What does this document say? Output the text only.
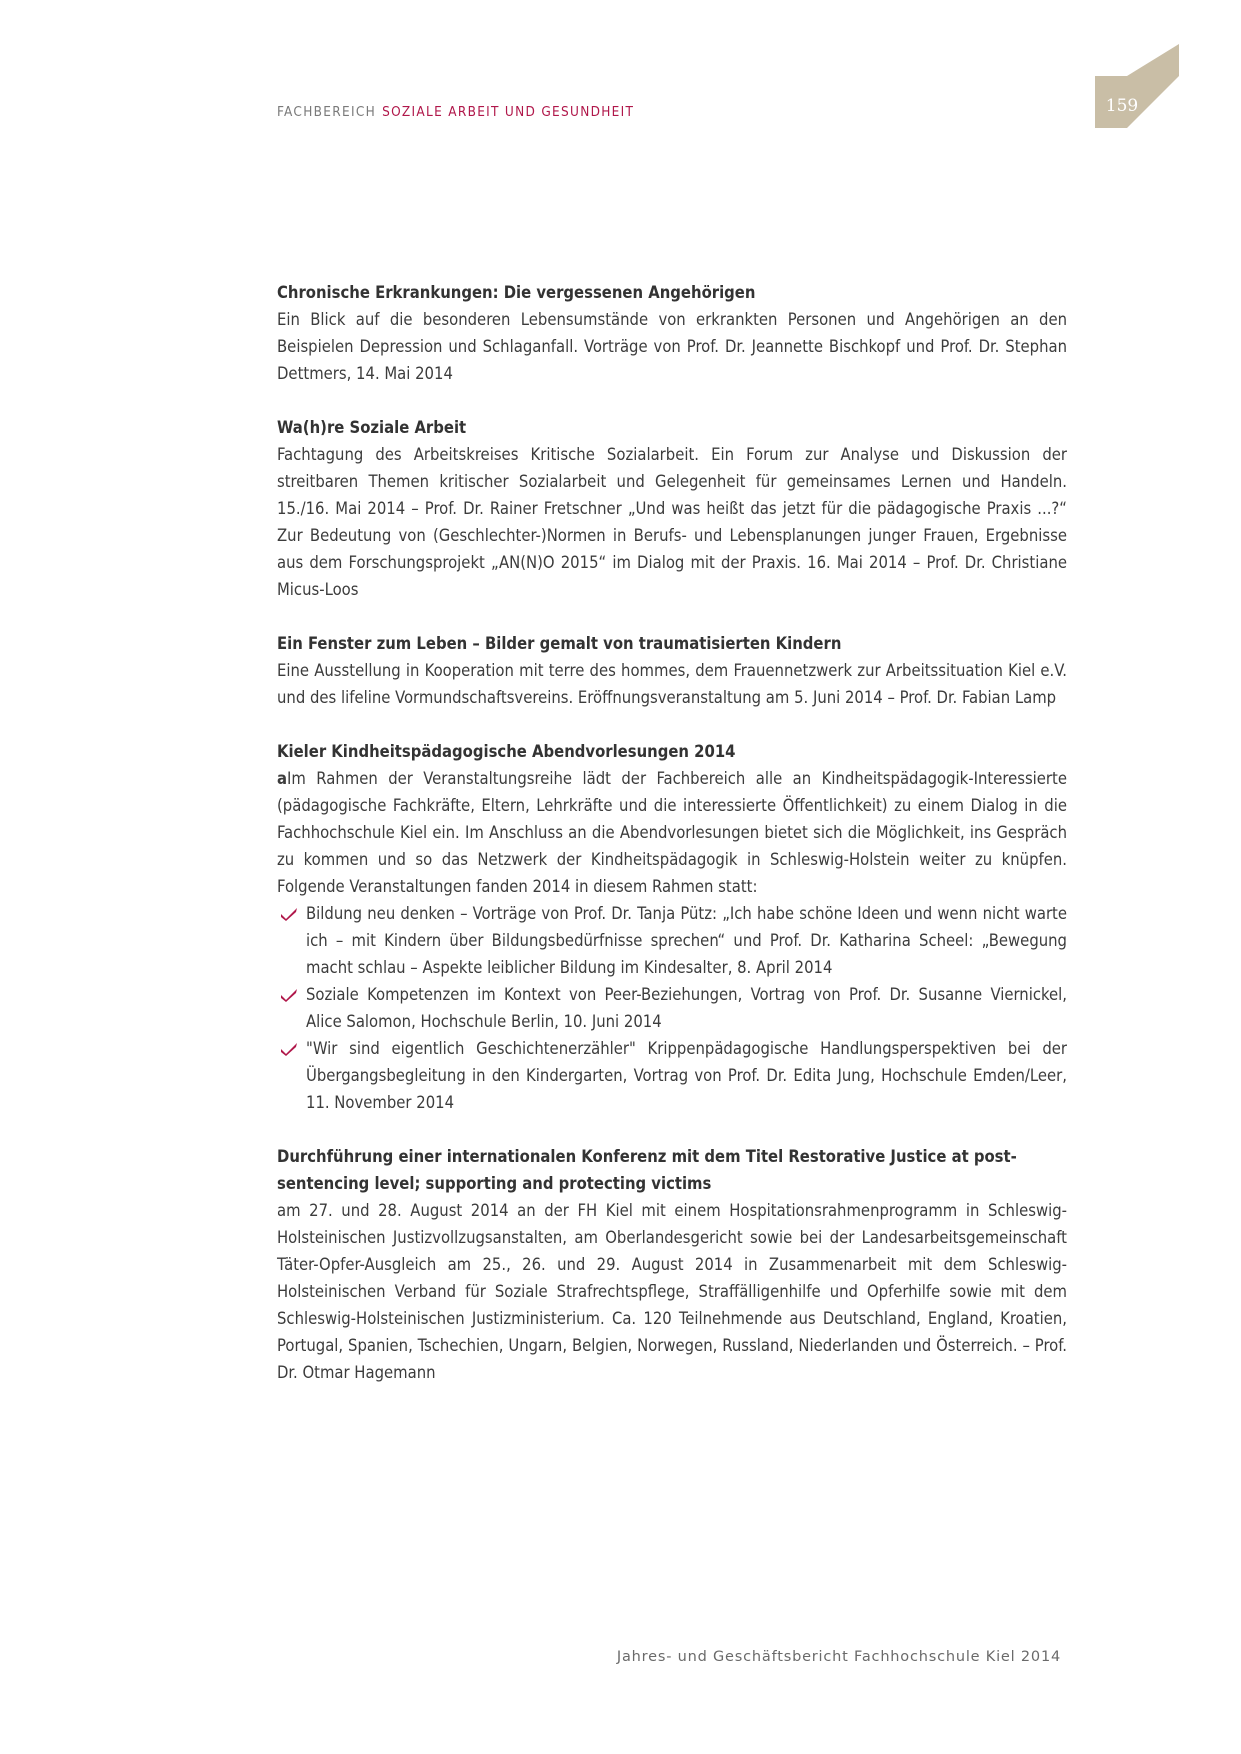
FACHBEREICH SOZIALE ARBEIT UND GESUNDHEIT	159
Chronische Erkrankungen: Die vergessenen Angehörigen

Ein Blick auf die besonderen Lebensumstände von erkrankten Personen und Angehörigen an den Beispielen Depression und Schlaganfall. Vorträge von Prof. Dr. Jeannette Bischkopf und Prof. Dr. Stephan Dettmers, 14. Mai 2014

Wa(h)re Soziale Arbeit

Fachtagung des Arbeitskreises Kritische Sozialarbeit. Ein Forum zur Analyse und Diskussion der streitbaren Themen kritischer Sozialarbeit und Gelegenheit für gemeinsames Lernen und Handeln. 15./16. Mai 2014 – Prof. Dr. Rainer Fretschner „Und was heißt das jetzt für die pädagogische Praxis ...?“ Zur Bedeutung von (Geschlechter-)Normen in Berufs- und Lebensplanungen junger Frauen, Ergebnisse aus dem Forschungsprojekt „AN(N)O 2015“ im Dialog mit der Praxis. 16. Mai 2014 – Prof. Dr. Christiane Micus-Loos

Ein Fenster zum Leben – Bilder gemalt von traumatisierten Kindern

Eine Ausstellung in Kooperation mit terre des hommes, dem Frauennetzwerk zur Arbeitssituation Kiel e.V. und des lifeline Vormundschaftsvereins. Eröffnungsveranstaltung am 5. Juni 2014 – Prof. Dr. Fabian Lamp

Kieler Kindheitspädagogische Abendvorlesungen 2014

aIm Rahmen der Veranstaltungsreihe lädt der Fachbereich alle an Kindheitspädagogik-Interessierte (pädagogische Fachkräfte, Eltern, Lehrkräfte und die interessierte Öffentlichkeit) zu einem Dialog in die Fachhochschule Kiel ein. Im Anschluss an die Abendvorlesungen bietet sich die Möglichkeit, ins Gespräch zu kommen und so das Netzwerk der Kindheitspädagogik in Schleswig-Holstein weiter zu knüpfen. Folgende Veranstaltungen fanden 2014 in diesem Rahmen statt:

Bildung neu denken – Vorträge von Prof. Dr. Tanja Pütz: „Ich habe schöne Ideen und wenn nicht warte ich – mit Kindern über Bildungsbedürfnisse sprechen“ und Prof. Dr. Katharina Scheel: „Bewegung macht schlau – Aspekte leiblicher Bildung im Kindesalter, 8. April 2014
Soziale Kompetenzen im Kontext von Peer-Beziehungen, Vortrag von Prof. Dr. Susanne Viernickel, Alice Salomon, Hochschule Berlin, 10. Juni 2014
"Wir sind eigentlich Geschichtenerzähler" Krippenpädagogische Handlungsperspektiven bei der Übergangsbegleitung in den Kindergarten, Vortrag von Prof. Dr. Edita Jung, Hochschule Emden/Leer, 11. November 2014
Durchführung einer internationalen Konferenz mit dem Titel Restorative Justice at post-sentencing level; supporting and protecting victims

am 27. und 28. August 2014 an der FH Kiel mit einem Hospitationsrahmenprogramm in Schleswig-Holsteinischen Justizvollzugsanstalten, am Oberlandesgericht sowie bei der Landesarbeitsgemeinschaft Täter-Opfer-Ausgleich am 25., 26. und 29. August 2014 in Zusammenarbeit mit dem Schleswig-Holsteinischen Verband für Soziale Strafrechtspflege, Straffälligenhilfe und Opferhilfe sowie mit dem Schleswig-Holsteinischen Justizministerium. Ca. 120 Teilnehmende aus Deutschland, England, Kroatien, Portugal, Spanien, Tschechien, Ungarn, Belgien, Norwegen, Russland, Niederlanden und Österreich. – Prof. Dr. Otmar Hagemann

Jahres- und Geschäftsbericht Fachhochschule Kiel 2014
